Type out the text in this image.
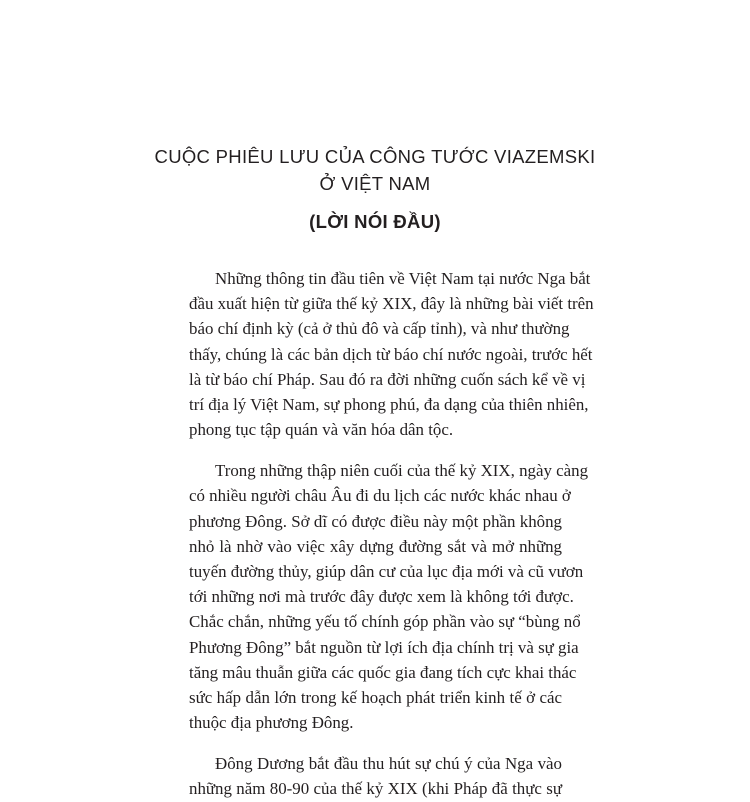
CUỘC PHIÊU LƯU CỦA CÔNG TƯỚC VIAZEMSKI
Ở VIỆT NAM
(LỜI NÓI ĐẦU)
Những thông tin đầu tiên về Việt Nam tại nước Nga bắt
đầu xuất hiện từ giữa thế kỷ XIX, đây là những bài viết trên
báo chí định kỳ (cả ở thủ đô và cấp tỉnh), và như thường
thấy, chúng là các bản dịch từ báo chí nước ngoài, trước hết
là từ báo chí Pháp. Sau đó ra đời những cuốn sách kể về vị
trí địa lý Việt Nam, sự phong phú, đa dạng của thiên nhiên,
phong tục tập quán và văn hóa dân tộc.
Trong những thập niên cuối của thế kỷ XIX, ngày càng
có nhiều người châu Âu đi du lịch các nước khác nhau ở
phương Đông. Sở dĩ có được điều này một phần không
nhỏ là nhờ vào việc xây dựng đường sắt và mở những
tuyến đường thủy, giúp dân cư của lục địa mới và cũ vươn
tới những nơi mà trước đây được xem là không tới được.
Chắc chắn, những yếu tố chính góp phần vào sự “bùng nổ
Phương Đông” bắt nguồn từ lợi ích địa chính trị và sự gia
tăng mâu thuẫn giữa các quốc gia đang tích cực khai thác
sức hấp dẫn lớn trong kế hoạch phát triển kinh tế ở các
thuộc địa phương Đông.
Đông Dương bắt đầu thu hút sự chú ý của Nga vào
những năm 80-90 của thế kỷ XIX (khi Pháp đã thực sự
